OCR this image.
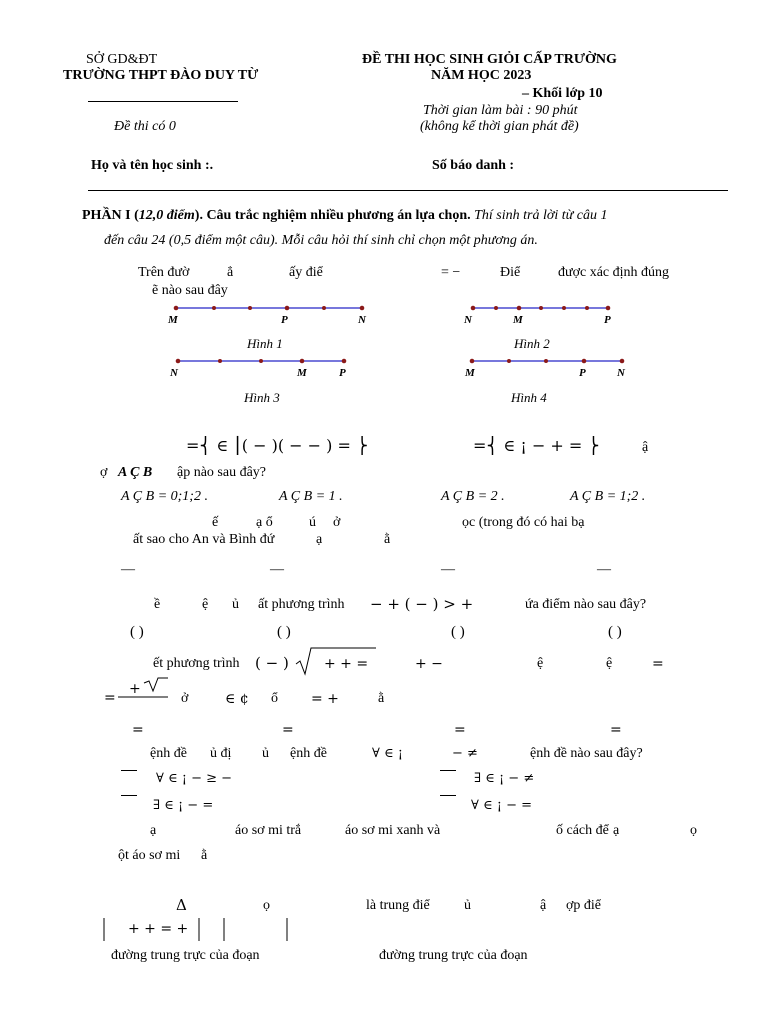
SỞ GD&ĐT
TRƯỜNG THPT ĐÀO DUY TỪ
Đề thi có 0
ĐỀ THI HỌC SINH GIỎI CẤP TRƯỜNG
NĂM HỌC 2023
– Khối lớp 10
Thời gian làm bài : 90 phút
(không kể thời gian phát đề)
Họ và tên học sinh :.	Số báo danh :
PHẦN I (12,0 điểm). Câu trắc nghiệm nhiều phương án lựa chọn. Thí sinh trả lời từ câu 1
đến câu 24 (0,5 điểm một câu). Mỗi câu hỏi thí sinh chỉ chọn một phương án.
Trên đườ	ẳ	ấy điể	= −	Điể	được xác định đúng
ẽ nào sau đây
M	P	N
Hình 1
N	M	P
Hình 2
N	M	P
Hình 3
M	P	N
Hình 4
=⎨ ∈ ⎮( − )( − − ) = ⎬	=⎨ ∈ ¡ − + = ⎬	ậ
ợ A Ç B ập nào sau đây?
A Ç B = 0;1;2 .	A Ç B = 1 .	A Ç B = 2 .	A Ç B = 1;2 .
ế	ạ ổ	ú ở	ọc (trong đó có hai bạ
ất sao cho An và Bình đứ	ạ	ằ
—	—	—	—
ề	ệ ủ ất phương trình − + ( − ) > +	ứa điểm nào sau đây?
( )	( )	( )	( )
ết phương trình ( − )	+ + =	+ −	ệ	ệ	=
=
+
ở	∈ ¢ ổ = +	ằ
=	=	=	=
ệnh đề ủ đị ủ ệnh đề	∀ ∈ ¡	− ≠	ệnh đề nào sau đây?
∀ ∈ ¡ − ≥ −	∃ ∈ ¡ − ≠
∃ ∈ ¡ − =	∀ ∈ ¡ − =
ạ	áo sơ mi trắ	áo sơ mi xanh và	ố cách để ạ	ọ
ột áo sơ mi ằ
Δ	ọ	là trung điể ủ	ậ ợp điể
+ + = +
đường trung trực của đoạn	đường trung trực của đoạn
